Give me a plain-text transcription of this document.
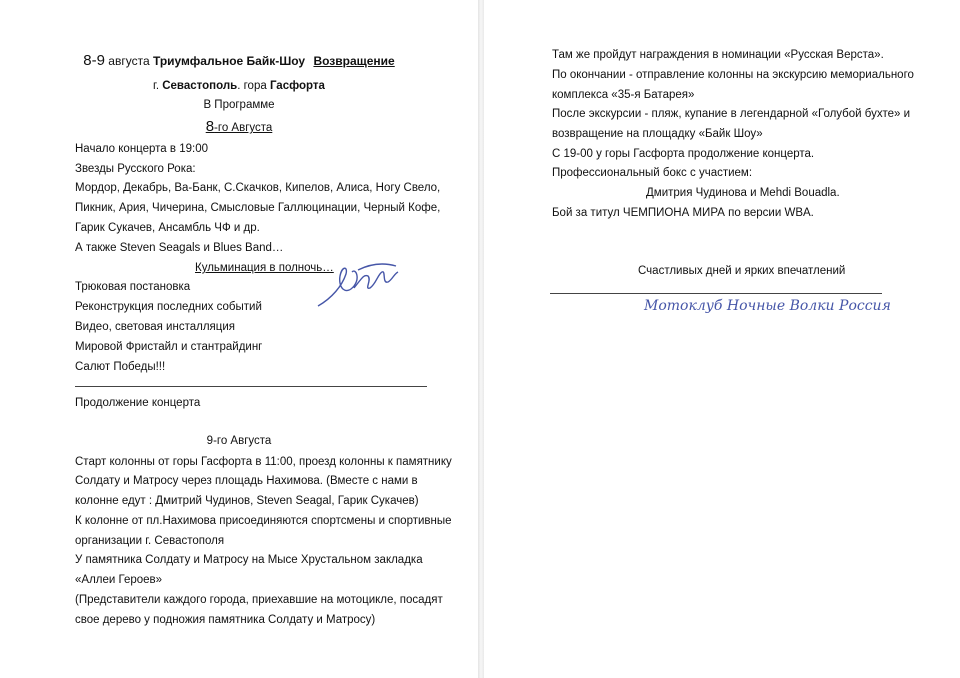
8-9 августа Триумфальное Байк-Шоу Возвращение
г. Севастополь. гора Гасфорта
В Программе
8-го Августа
Начало концерта в 19:00
Звезды Русского Рока:
Мордор, Декабрь, Ва-Банк, С.Скачков, Кипелов, Алиса, Ногу Свело,
Пикник, Ария, Чичерина, Смысловые Галлюцинации, Черный Кофе,
Гарик Сукачев, Ансамбль ЧФ и др.
А также Steven Seagals и Blues Band…
Кульминация в полночь…
Трюковая постановка
Реконструкция последних событий
Видео, световая инсталляция
Мировой Фристайл и стантрайдинг
Салют Победы!!!
Продолжение концерта
9-го Августа
Старт колонны от горы Гасфорта в 11:00, проезд колонны к памятнику
Солдату и Матросу через площадь Нахимова. (Вместе с нами в
колонне едут : Дмитрий Чудинов, Steven Seagal, Гарик Сукачев)
К колонне от пл.Нахимова присоединяются спортсмены и спортивные
организации г. Севастополя
У памятника Солдату и Матросу на Мысе Хрустальном закладка
«Аллеи Героев»
(Представители каждого города, приехавшие на мотоцикле, посадят
свое дерево у подножия памятника Солдату и Матросу)
Там же пройдут награждения в номинации «Русская Верста».
По окончании - отправление колонны на экскурсию мемориального
комплекса «35-я Батарея»
После экскурсии - пляж, купание в легендарной «Голубой бухте» и
возвращение на площадку «Байк Шоу»
С 19-00 у горы Гасфорта продолжение концерта.
Профессиональный бокс с участием:
Дмитрия Чудинова и Mehdi Bouadla.
Бой за титул ЧЕМПИОНА МИРА по версии WBA.
Счастливых дней и ярких впечатлений
Мотоклуб Ночные Волки Россия
